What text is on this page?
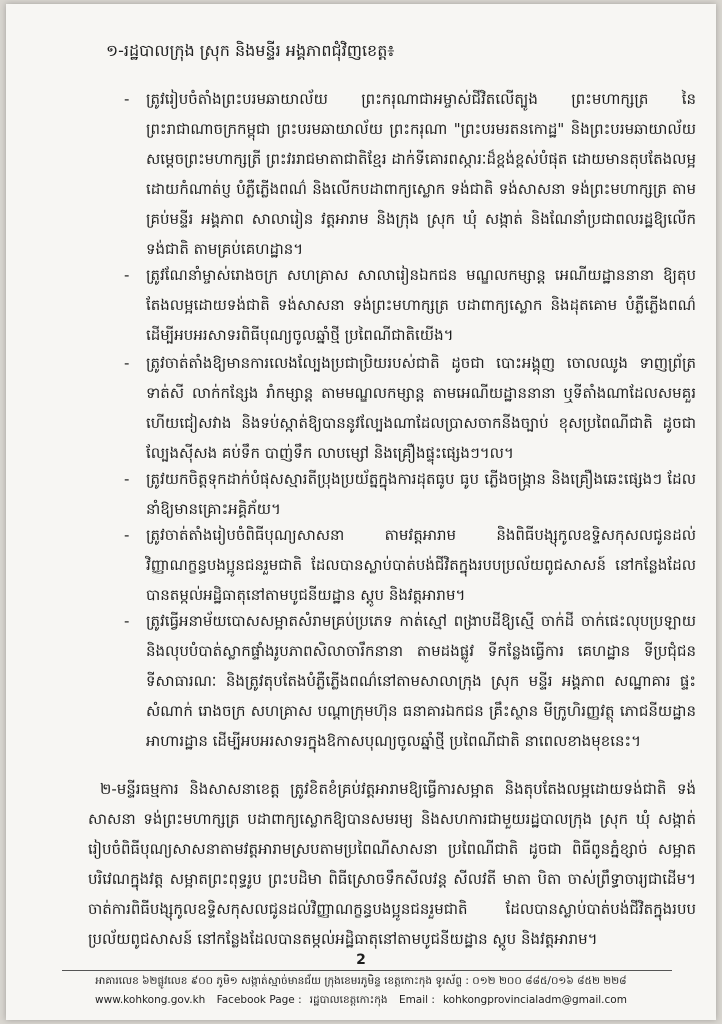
១-រដ្ឋបាលក្រុង ស្រុក និងមន្ទីរ អង្គភាពជុំវិញខេត្ត៖
-	ត្រូវរៀបចំតាំងព្រះបរមឆាយាល័យ ព្រះករុណាជាអម្ចាស់ជីវិតលើត្បូង ព្រះមហាក្សត្រ នៃព្រះរាជាណាចក្រកម្ពុជា ព្រះបរមឆាយាល័យ ព្រះករុណា "ព្រះបរមរតនកោដ្ឋ" និងព្រះបរមឆាយាល័យ សម្តេចព្រះមហាក្សត្រី ព្រះវររាជមាតាជាតិខ្មែរ ដាក់ទីគោរពស្ការៈដ៏ខ្ពង់ខ្ពស់បំផុត ដោយមានតុបតែងលម្អដោយកំណាត់ប្ញ បំភ្លឺភ្លើងពណ៌ និងលើកបដាពាក្យស្លោក ទង់ជាតិ ទង់សាសនា ទង់ព្រះមហាក្សត្រ តាមគ្រប់មន្ទីរ អង្គភាព សាលារៀន វត្តអារាម និងក្រុង ស្រុក ឃុំ សង្កាត់ និងណែនាំប្រជាពលរដ្ឋឱ្យលើកទង់ជាតិ តាមគ្រប់គេហដ្ឋាន។
-	ត្រូវណែនាំម្ចាស់រោងចក្រ សហគ្រាស សាលារៀនឯកជន មណ្ឌលកម្សាន្ត អេណីយដ្ឋាននានា ឱ្យតុបតែងលម្អដោយទង់ជាតិ ទង់សាសនា ទង់ព្រះមហាក្សត្រ បដាពាក្យស្លោក និងដុតគោម បំភ្លឺភ្លើងពណ៌ ដើម្បីអបអរសាទរពិធីបុណ្យចូលឆ្នាំថ្មី ប្រពៃណីជាតិយើង។
-	ត្រូវចាត់តាំងឱ្យមានការលេងល្បែងប្រជាប្រិយរបស់ជាតិ ដូចជា បោះអង្គុញ ចោលឈូង ទាញព្រ័ត្រ ទាត់សី លាក់កន្សែង រាំកម្សាន្ត តាមមណ្ឌលកម្សាន្ត តាមអេណីយដ្ឋាននានា ឬទីតាំងណាដែលសមគួរ ហើយជៀសវាង និងទប់ស្កាត់ឱ្យបាននូវល្បែងណាដែលប្រាសចាកនីងច្បាប់ ខុសប្រពៃណីជាតិ ដូចជា ល្បែងស៊ីសង គប់ទឹក បាញ់ទឹក លាបម្សៅ និងគ្រឿងផ្ទុះផ្សេងៗ។ល។
-	ត្រូវយកចិត្តទុកដាក់បំផុសស្មារតីប្រុងប្រយ័ត្នក្នុងការដុតធូប ធូប ភ្លើងចង្រ្កាន និងគ្រឿងឆេះផ្សេងៗ ដែលនាំឱ្យមានគ្រោះអគ្គិភ័យ។
-	ត្រូវចាត់តាំងរៀបចំពិធីបុណ្យសាសនា តាមវត្តអារាម និងពិធីបង្សុកូលឧទ្ទិសកុសលជូនដល់វិញ្ញាណក្ខន្ធបងប្អូនជនរួមជាតិ ដែលបានស្លាប់បាត់បង់ជីវិតក្នុងរបបប្រល័យពូជសាសន៍ នៅកន្លែងដែលបានតម្កល់អដ្ឋិធាតុនៅតាមបូជនីយដ្ឋាន ស្តូប និងវត្តអារាម។
-	ត្រូវធ្វើអនាម័យបោសសម្អាតសំរាមគ្រប់ប្រភេទ កាត់ស្មៅ ពង្រាបដីឱ្យស្មើ ចាក់ដី ចាក់ផេះលុបប្រឡាយ និងលុបបំបាត់ស្លាកផ្ទាំងរូបភាពសិលាចារឹកនានា តាមដងផ្លូវ ទីកន្លែងធ្វើការ គេហដ្ឋាន ទីប្រជុំជន ទីសាធារណៈ និងត្រូវតុបតែងបំភ្លឺភ្លើងពណ៌នៅតាមសាលាក្រុង ស្រុក មន្ទីរ អង្គភាព សណ្ឋាគារ ផ្ទះសំណាក់ រោងចក្រ សហគ្រាស បណ្តាក្រុមហ៊ុន ធនាគារឯកជន គ្រឹះស្ថាន មីក្រូហិរញ្ញវត្ថុ ភោជនីយដ្ឋាន អាហារដ្ឋាន ដើម្បីអបអរសាទរក្នុងឱកាសបុណ្យចូលឆ្នាំថ្មី ប្រពៃណីជាតិ នាពេលខាងមុខនេះ។
២-មន្ទីរធម្មការ និងសាសនាខេត្ត ត្រូវខិតខំគ្រប់វត្តអារាមឱ្យធ្វើការសម្អាត និងតុបតែងលម្អដោយទង់ជាតិ ទង់សាសនា ទង់ព្រះមហាក្សត្រ បដាពាក្យស្លោកឱ្យបានសមរម្យ និងសហការជាមួយរដ្ឋបាលក្រុង ស្រុក ឃុំ សង្កាត់ រៀបចំពិធីបុណ្យសាសនាតាមវត្តអារាមស្របតាមប្រពៃណីសាសនា ប្រពៃណីជាតិ ដូចជា ពិធីពូនភ្នំខ្សាច់ សម្អាតបរិវេណក្នុងវត្ត សម្អាតព្រះពុទ្ធរូប ព្រះបដិមា ពិធីស្រោចទឹកសីលវន្ត សីលវតី មាតា បិតា ចាស់ព្រឹទ្ធាចារ្យជាដើម។ ចាត់ការពិធីបង្សុកូលឧទ្ទិសកុសលជូនដល់វិញ្ញាណក្ខន្ធបងប្អូនជនរួមជាតិ ដែលបានស្លាប់បាត់បង់ជីវិតក្នុងរបបប្រល័យពូជសាសន៍ នៅកន្លែងដែលបានតម្កល់អដ្ឋិធាតុនៅតាមបូជនីយដ្ឋាន ស្តូប និងវត្តអារាម។
2
អាគារលេខ ៦២ផ្លូវលេខ ៩០០ ភូមិ១ សង្កាត់ស្មាច់មានជ័យ ក្រុងខេមរភូមិន្ទ ខេត្តកោះកុង ទូរស័ព្ទ : ០១២ ២០០ ៨៨៥/០១៦ ៨៥២ ២២៨
www.kohkong.gov.kh Facebook Page : រដ្ឋបាលខេត្តកោះកុង Email : kohkongprovincialadm@gmail.com
